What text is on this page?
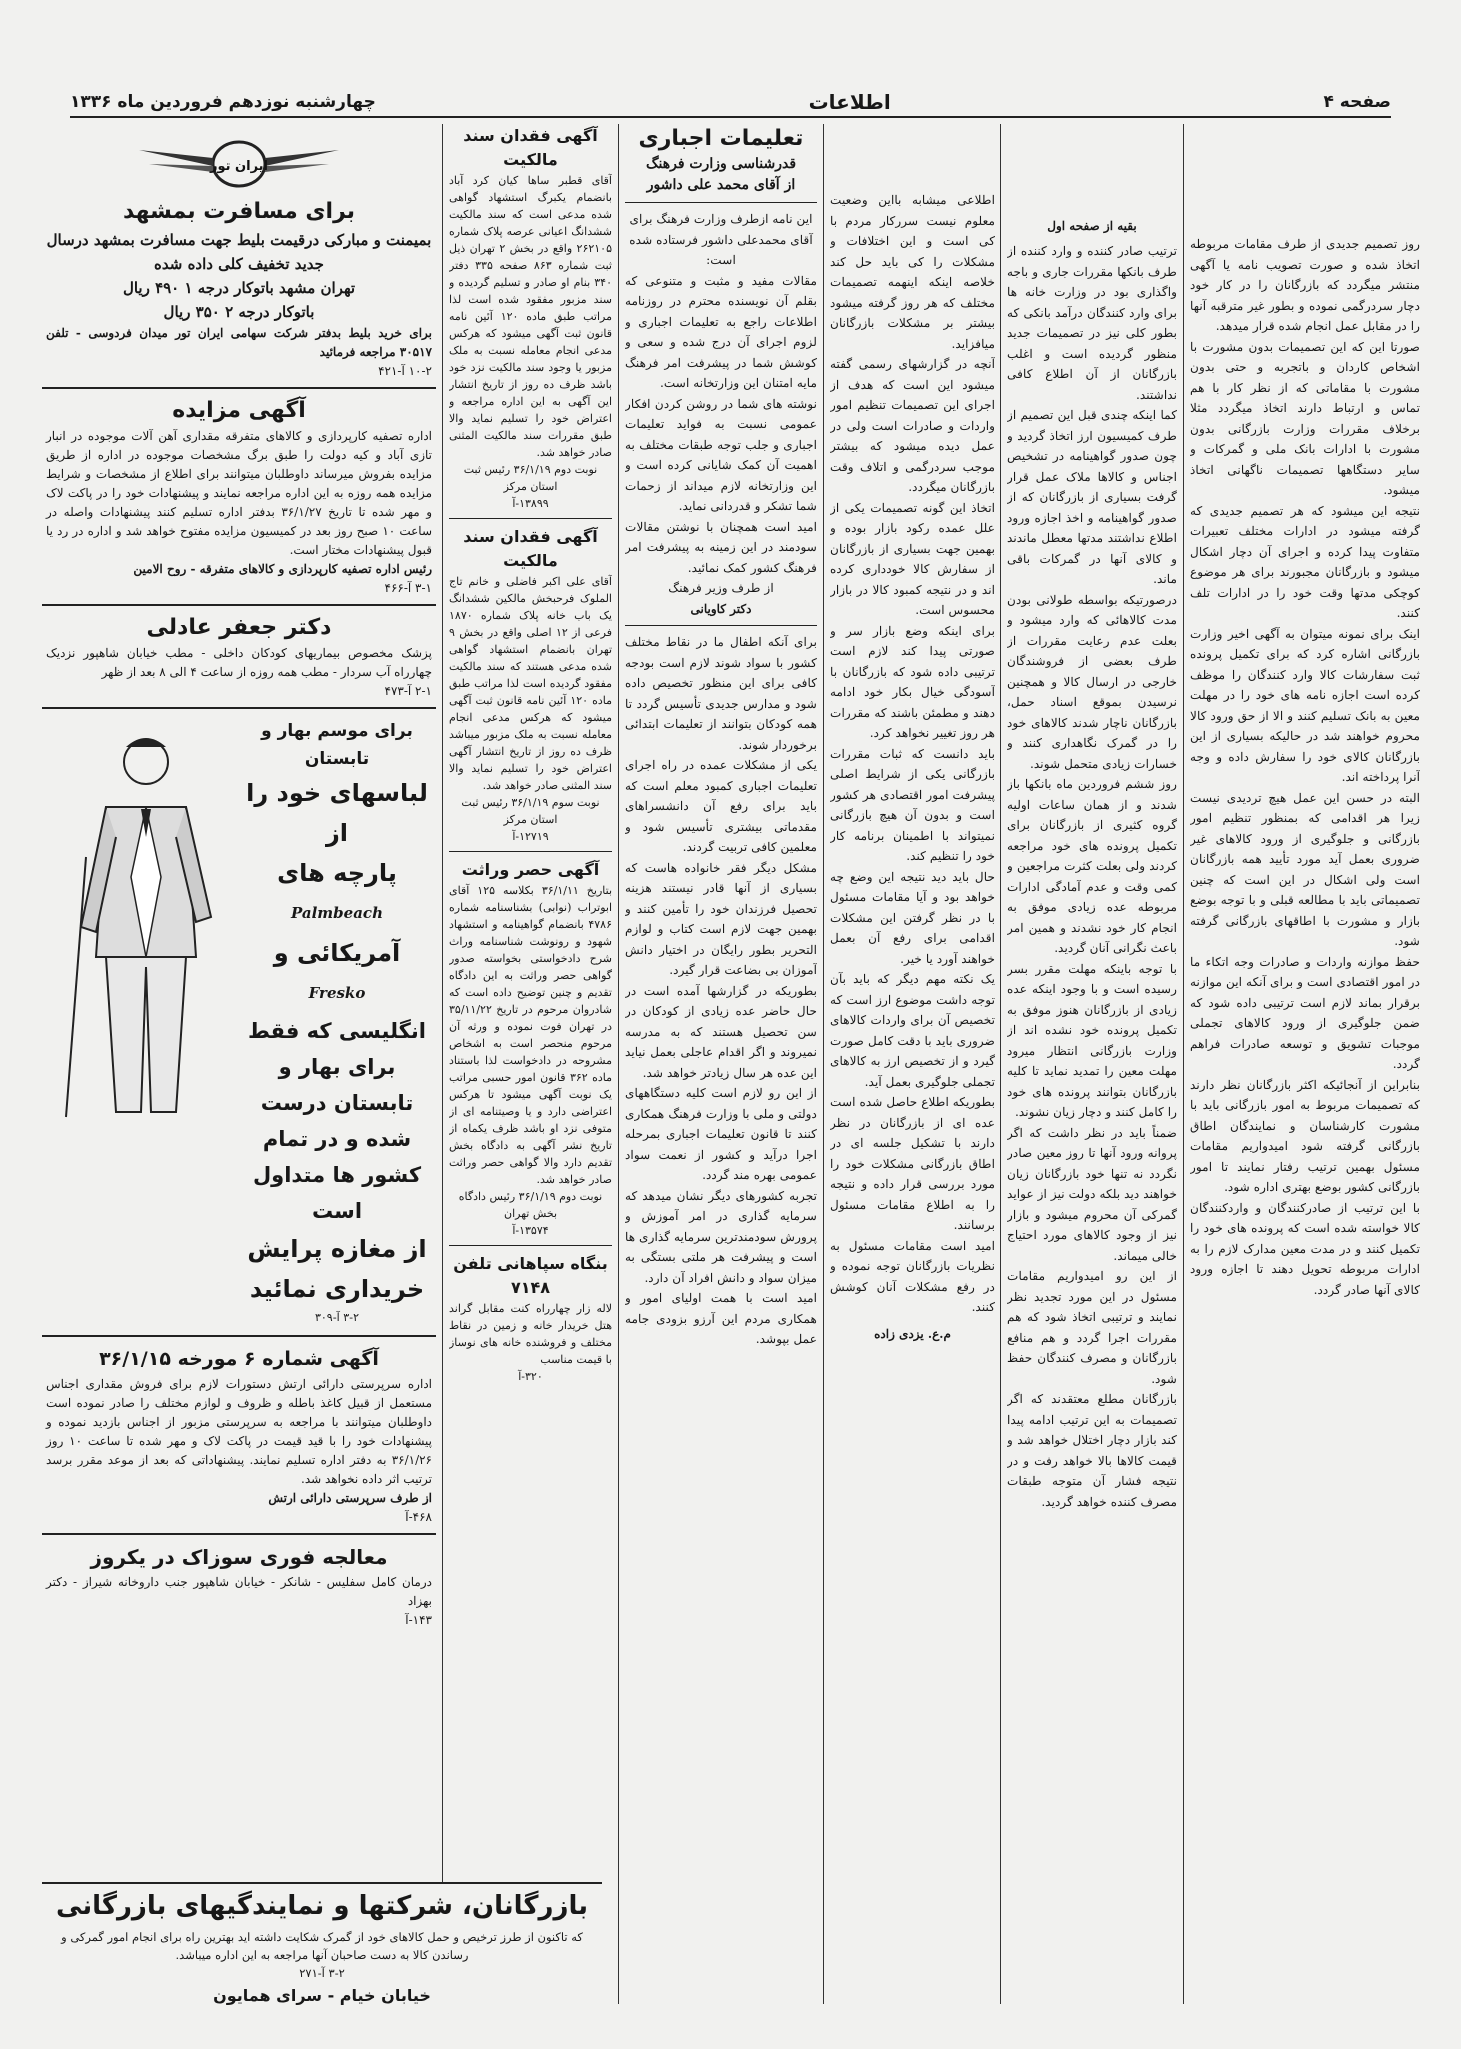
صفحه ۴
اطلاعات
چهارشنبه نوزدهم فروردین ماه ۱۳۳۶

روز تصمیم جدیدی از طرف مقامات مربوطه اتخاذ شده و صورت تصویب نامه یا آگهی منتشر میگردد که بازرگانان را در کار خود دچار سردرگمی نموده و بطور غیر مترقبه آنها را در مقابل عمل انجام شده قرار میدهد.

صورتا این که این تصمیمات بدون مشورت با اشخاص کاردان و باتجربه و حتی بدون مشورت با مقاماتی که از نظر کار با هم تماس و ارتباط دارند اتخاذ میگردد مثلا برخلاف مقررات وزارت بازرگانی بدون مشورت با ادارات بانک ملی و گمرکات و سایر دستگاهها تصمیمات ناگهانی اتخاذ میشود.

نتیجه این میشود که هر تصمیم جدیدی که گرفته میشود در ادارات مختلف تعبیرات متفاوت پیدا کرده و اجرای آن دچار اشکال میشود و بازرگانان مجبورند برای هر موضوع کوچکی مدتها وقت خود را در ادارات تلف کنند.

اینک برای نمونه میتوان به آگهی اخیر وزارت بازرگانی اشاره کرد که برای تکمیل پرونده ثبت سفارشات کالا وارد کنندگان را موظف کرده است اجازه نامه های خود را در مهلت معین به بانک تسلیم کنند و الا از حق ورود کالا محروم خواهند شد در حالیکه بسیاری از این بازرگانان کالای خود را سفارش داده و وجه آنرا پرداخته اند.

البته در حسن این عمل هیچ تردیدی نیست زیرا هر اقدامی که بمنظور تنظیم امور بازرگانی و جلوگیری از ورود کالاهای غیر ضروری بعمل آید مورد تأیید همه بازرگانان است ولی اشکال در این است که چنین تصمیماتی باید با مطالعه قبلی و با توجه بوضع بازار و مشورت با اطاقهای بازرگانی گرفته شود.

حفظ موازنه واردات و صادرات وجه اتکاء ما در امور اقتصادی است و برای آنکه این موازنه برقرار بماند لازم است ترتیبی داده شود که ضمن جلوگیری از ورود کالاهای تجملی موجبات تشویق و توسعه صادرات فراهم گردد.

بنابراین از آنجائیکه اکثر بازرگانان نظر دارند که تصمیمات مربوط به امور بازرگانی باید با مشورت کارشناسان و نمایندگان اطاق بازرگانی گرفته شود امیدواریم مقامات مسئول بهمین ترتیب رفتار نمایند تا امور بازرگانی کشور بوضع بهتری اداره شود.

با این ترتیب از صادرکنندگان و واردکنندگان کالا خواسته شده است که پرونده های خود را تکمیل کنند و در مدت معین مدارک لازم را به ادارات مربوطه تحویل دهند تا اجازه ورود کالای آنها صادر گردد.

بقیه از صفحه اول

ترتیب صادر کننده و وارد کننده از طرف بانکها مقررات جاری و باجه واگذاری بود در وزارت خانه ها برای وارد کنندگان درآمد بانکی که بطور کلی نیز در تصمیمات جدید منظور گردیده است و اغلب بازرگانان از آن اطلاع کافی نداشتند.

کما اینکه چندی قبل این تصمیم از طرف کمیسیون ارز اتخاذ گردید و چون صدور گواهینامه در تشخیص اجناس و کالاها ملاک عمل قرار گرفت بسیاری از بازرگانان که از صدور گواهینامه و اخذ اجازه ورود اطلاع نداشتند مدتها معطل ماندند و کالای آنها در گمرکات باقی ماند.

درصورتیکه بواسطه طولانی بودن مدت کالاهائی که وارد میشود و بعلت عدم رعایت مقررات از طرف بعضی از فروشندگان خارجی در ارسال کالا و همچنین نرسیدن بموقع اسناد حمل، بازرگانان ناچار شدند کالاهای خود را در گمرک نگاهداری کنند و خسارات زیادی متحمل شوند.

روز ششم فروردین ماه بانکها باز شدند و از همان ساعات اولیه گروه کثیری از بازرگانان برای تکمیل پرونده های خود مراجعه کردند ولی بعلت کثرت مراجعین و کمی وقت و عدم آمادگی ادارات مربوطه عده زیادی موفق به انجام کار خود نشدند و همین امر باعث نگرانی آنان گردید.

با توجه باینکه مهلت مقرر بسر رسیده است و با وجود اینکه عده زیادی از بازرگانان هنوز موفق به تکمیل پرونده خود نشده اند از وزارت بازرگانی انتظار میرود مهلت معین را تمدید نماید تا کلیه بازرگانان بتوانند پرونده های خود را کامل کنند و دچار زیان نشوند.

ضمناً باید در نظر داشت که اگر پروانه ورود آنها تا روز معین صادر نگردد نه تنها خود بازرگانان زیان خواهند دید بلکه دولت نیز از عواید گمرکی آن محروم میشود و بازار نیز از وجود کالاهای مورد احتیاج خالی میماند.

از این رو امیدواریم مقامات مسئول در این مورد تجدید نظر نمایند و ترتیبی اتخاذ شود که هم مقررات اجرا گردد و هم منافع بازرگانان و مصرف کنندگان حفظ شود.

بازرگانان مطلع معتقدند که اگر تصمیمات به این ترتیب ادامه پیدا کند بازار دچار اختلال خواهد شد و قیمت کالاها بالا خواهد رفت و در نتیجه فشار آن متوجه طبقات مصرف کننده خواهد گردید.

اطلاعی میشابه بااین وضعیت معلوم نیست سررکار مردم با کی است و این اختلافات و مشکلات را کی باید حل کند خلاصه اینکه اینهمه تصمیمات مختلف که هر روز گرفته میشود بیشتر بر مشکلات بازرگانان میافزاید.

آنچه در گزارشهای رسمی گفته میشود این است که هدف از اجرای این تصمیمات تنظیم امور واردات و صادرات است ولی در عمل دیده میشود که بیشتر موجب سردرگمی و اتلاف وقت بازرگانان میگردد.

اتخاذ این گونه تصمیمات یکی از علل عمده رکود بازار بوده و بهمین جهت بسیاری از بازرگانان از سفارش کالا خودداری کرده اند و در نتیجه کمبود کالا در بازار محسوس است.

برای اینکه وضع بازار سر و صورتی پیدا کند لازم است ترتیبی داده شود که بازرگانان با آسودگی خیال بکار خود ادامه دهند و مطمئن باشند که مقررات هر روز تغییر نخواهد کرد.

باید دانست که ثبات مقررات بازرگانی یکی از شرایط اصلی پیشرفت امور اقتصادی هر کشور است و بدون آن هیچ بازرگانی نمیتواند با اطمینان برنامه کار خود را تنظیم کند.

حال باید دید نتیجه این وضع چه خواهد بود و آیا مقامات مسئول با در نظر گرفتن این مشکلات اقدامی برای رفع آن بعمل خواهند آورد یا خیر.

یک نکته مهم دیگر که باید بآن توجه داشت موضوع ارز است که تخصیص آن برای واردات کالاهای ضروری باید با دقت کامل صورت گیرد و از تخصیص ارز به کالاهای تجملی جلوگیری بعمل آید.

بطوریکه اطلاع حاصل شده است عده ای از بازرگانان در نظر دارند با تشکیل جلسه ای در اطاق بازرگانی مشکلات خود را مورد بررسی قرار داده و نتیجه را به اطلاع مقامات مسئول برسانند.

امید است مقامات مسئول به نظریات بازرگانان توجه نموده و در رفع مشکلات آنان کوشش کنند.

م.ع. یزدی زاده
تعلیمات اجباری
قدرشناسی وزارت فرهنگ
از آقای محمد علی داشور

این نامه ازطرف وزارت فرهنگ برای آقای محمدعلی داشور فرستاده شده است:

مقالات مفید و مثبت و متنوعی که بقلم آن نویسنده محترم در روزنامه اطلاعات راجع به تعلیمات اجباری و لزوم اجرای آن درج شده و سعی و کوشش شما در پیشرفت امر فرهنگ مایه امتنان این وزارتخانه است.

نوشته های شما در روشن کردن افکار عمومی نسبت به فواید تعلیمات اجباری و جلب توجه طبقات مختلف به اهمیت آن کمک شایانی کرده است و این وزارتخانه لازم میداند از زحمات شما تشکر و قدردانی نماید.

امید است همچنان با نوشتن مقالات سودمند در این زمینه به پیشرفت امر فرهنگ کشور کمک نمائید.

از طرف وزیر فرهنگ

دکتر کاویانی

برای آنکه اطفال ما در نقاط مختلف کشور با سواد شوند لازم است بودجه کافی برای این منظور تخصیص داده شود و مدارس جدیدی تأسیس گردد تا همه کودکان بتوانند از تعلیمات ابتدائی برخوردار شوند.

یکی از مشکلات عمده در راه اجرای تعلیمات اجباری کمبود معلم است که باید برای رفع آن دانشسراهای مقدماتی بیشتری تأسیس شود و معلمین کافی تربیت گردند.

مشکل دیگر فقر خانواده هاست که بسیاری از آنها قادر نیستند هزینه تحصیل فرزندان خود را تأمین کنند و بهمین جهت لازم است کتاب و لوازم التحریر بطور رایگان در اختیار دانش آموزان بی بضاعت قرار گیرد.

بطوریکه در گزارشها آمده است در حال حاضر عده زیادی از کودکان در سن تحصیل هستند که به مدرسه نمیروند و اگر اقدام عاجلی بعمل نیاید این عده هر سال زیادتر خواهد شد.

از این رو لازم است کلیه دستگاههای دولتی و ملی با وزارت فرهنگ همکاری کنند تا قانون تعلیمات اجباری بمرحله اجرا درآید و کشور از نعمت سواد عمومی بهره مند گردد.

تجربه کشورهای دیگر نشان میدهد که سرمایه گذاری در امر آموزش و پرورش سودمندترین سرمایه گذاری ها است و پیشرفت هر ملتی بستگی به میزان سواد و دانش افراد آن دارد.

امید است با همت اولیای امور و همکاری مردم این آرزو بزودی جامه عمل بپوشد.

آگهی فقدان سند مالکیت

آقای قطبر ساها کیان کرد آباد بانضمام یکبرگ استشهاد گواهی شده مدعی است که سند مالکیت ششدانگ اعیانی عرصه پلاک شماره ۲۶۲۱۰۵ واقع در بخش ۲ تهران ذیل ثبت شماره ۸۶۳ صفحه ۳۳۵ دفتر ۳۴۰ بنام او صادر و تسلیم گردیده و سند مزبور مفقود شده است لذا مراتب طبق ماده ۱۲۰ آئین نامه قانون ثبت آگهی میشود که هرکس مدعی انجام معامله نسبت به ملک مزبور یا وجود سند مالکیت نزد خود باشد ظرف ده روز از تاریخ انتشار این آگهی به این اداره مراجعه و اعتراض خود را تسلیم نماید والا طبق مقررات سند مالکیت المثنی صادر خواهد شد.

نوبت دوم ۳۶/۱/۱۹ رئیس ثبت استان مرکز

۱۳۸۹۹-آ

آگهی فقدان سند مالکیت

آقای علی اکبر فاضلی و خانم تاج الملوک فرحبخش مالکین ششدانگ یک باب خانه پلاک شماره ۱۸۷۰ فرعی از ۱۲ اصلی واقع در بخش ۹ تهران بانضمام استشهاد گواهی شده مدعی هستند که سند مالکیت مفقود گردیده است لذا مراتب طبق ماده ۱۲۰ آئین نامه قانون ثبت آگهی میشود که هرکس مدعی انجام معامله نسبت به ملک مزبور میباشد ظرف ده روز از تاریخ انتشار آگهی اعتراض خود را تسلیم نماید والا سند المثنی صادر خواهد شد.

نوبت سوم ۳۶/۱/۱۹ رئیس ثبت استان مرکز

۱۲۷۱۹-آ

آگهی حصر وراثت

بتاریخ ۳۶/۱/۱۱ بکلاسه ۱۲۵ آقای ابوتراب (نوابی) بشناسنامه شماره ۴۷۸۶ بانضمام گواهینامه و استشهاد شهود و رونوشت شناسنامه وراث شرح دادخواستی بخواسته صدور گواهی حصر وراثت به این دادگاه تقدیم و چنین توضیح داده است که شادروان مرحوم در تاریخ ۳۵/۱۱/۲۲ در تهران فوت نموده و ورثه آن مرحوم منحصر است به اشخاص مشروحه در دادخواست لذا باستناد ماده ۳۶۲ قانون امور حسبی مراتب یک نوبت آگهی میشود تا هرکس اعتراضی دارد و یا وصیتنامه ای از متوفی نزد او باشد ظرف یکماه از تاریخ نشر آگهی به دادگاه بخش تقدیم دارد والا گواهی حصر وراثت صادر خواهد شد.

نوبت دوم ۳۶/۱/۱۹ رئیس دادگاه بخش تهران

۱۳۵۷۴-آ

بنگاه سپاهانی تلفن ۷۱۴۸

لاله زار چهارراه کنت مقابل گراند هتل خریدار خانه و زمین در نقاط مختلف و فروشنده خانه های نوساز با قیمت مناسب

۳۲۰-آ

ایران تور
برای مسافرت بمشهد
بمیمنت و مبارکی درقیمت بلیط جهت مسافرت بمشهد درسال جدید تخفیف کلی داده شده
تهران مشهد باتوکار درجه ۱ ۴۹۰ ریال
باتوکار درجه ۲ ۳۵۰ ریال
برای خرید بلیط بدفتر شرکت سهامی ایران تور میدان فردوسی - تلفن ۳۰۵۱۷ مراجعه فرمائید
۱۰-۲ آ-۴۲۱
آگهی مزایده
اداره تصفیه کارپردازی و کالاهای متفرقه مقداری آهن آلات موجوده در انبار تازی آباد و کیه دولت را طبق برگ مشخصات موجوده در اداره از طریق مزایده بفروش میرساند داوطلبان میتوانند برای اطلاع از مشخصات و شرایط مزایده همه روزه به این اداره مراجعه نمایند و پیشنهادات خود را در پاکت لاک و مهر شده تا تاریخ ۳۶/۱/۲۷ بدفتر اداره تسلیم کنند پیشنهادات واصله در ساعت ۱۰ صبح روز بعد در کمیسیون مزایده مفتوح خواهد شد و اداره در رد یا قبول پیشنهادات مختار است.
رئیس اداره تصفیه کارپردازی و کالاهای متفرقه - روح الامین
۳-۱ آ-۴۶۶
دکتر جعفر عادلی
پزشک مخصوص بیماریهای کودکان داخلی - مطب خیابان شاهپور نزدیک چهارراه آب سردار - مطب همه روزه از ساعت ۴ الی ۸ بعد از ظهر
۲-۱ آ-۴۷۳
برای موسم بهار و تابستان
لباسهای خود را از
پارچه های
Palmbeach
آمریکائی و
Fresko
انگلیسی که فقط برای بهار و تابستان درست شده و در تمام کشور ها متداول است
از مغازه پرایش
خریداری نمائید
۳-۲ آ-۳۰۹
آگهی شماره ۶ مورخه ۳۶/۱/۱۵
اداره سرپرستی دارائی ارتش دستورات لازم برای فروش مقداری اجناس مستعمل از قبیل کاغذ باطله و ظروف و لوازم مختلف را صادر نموده است داوطلبان میتوانند با مراجعه به سرپرستی مزبور از اجناس بازدید نموده و پیشنهادات خود را با قید قیمت در پاکت لاک و مهر شده تا ساعت ۱۰ روز ۳۶/۱/۲۶ به دفتر اداره تسلیم نمایند. پیشنهاداتی که بعد از موعد مقرر برسد ترتیب اثر داده نخواهد شد.
از طرف سرپرستی دارائی ارتش
۴۶۸-آ
معالجه فوری سوزاک در یکروز
درمان کامل سفلیس - شانکر - خیابان شاهپور جنب داروخانه شیراز - دکتر بهزاد
۱۴۳-آ
بازرگانان، شرکتها و نمایندگیهای بازرگانی
که تاکنون از طرز ترخیص و حمل کالاهای خود از گمرک شکایت داشته اید بهترین راه برای انجام امور گمرکی و رساندن کالا به دست صاحبان آنها مراجعه به این اداره میباشد.
۳-۲ آ-۲۷۱
خیابان خیام - سرای همایون
